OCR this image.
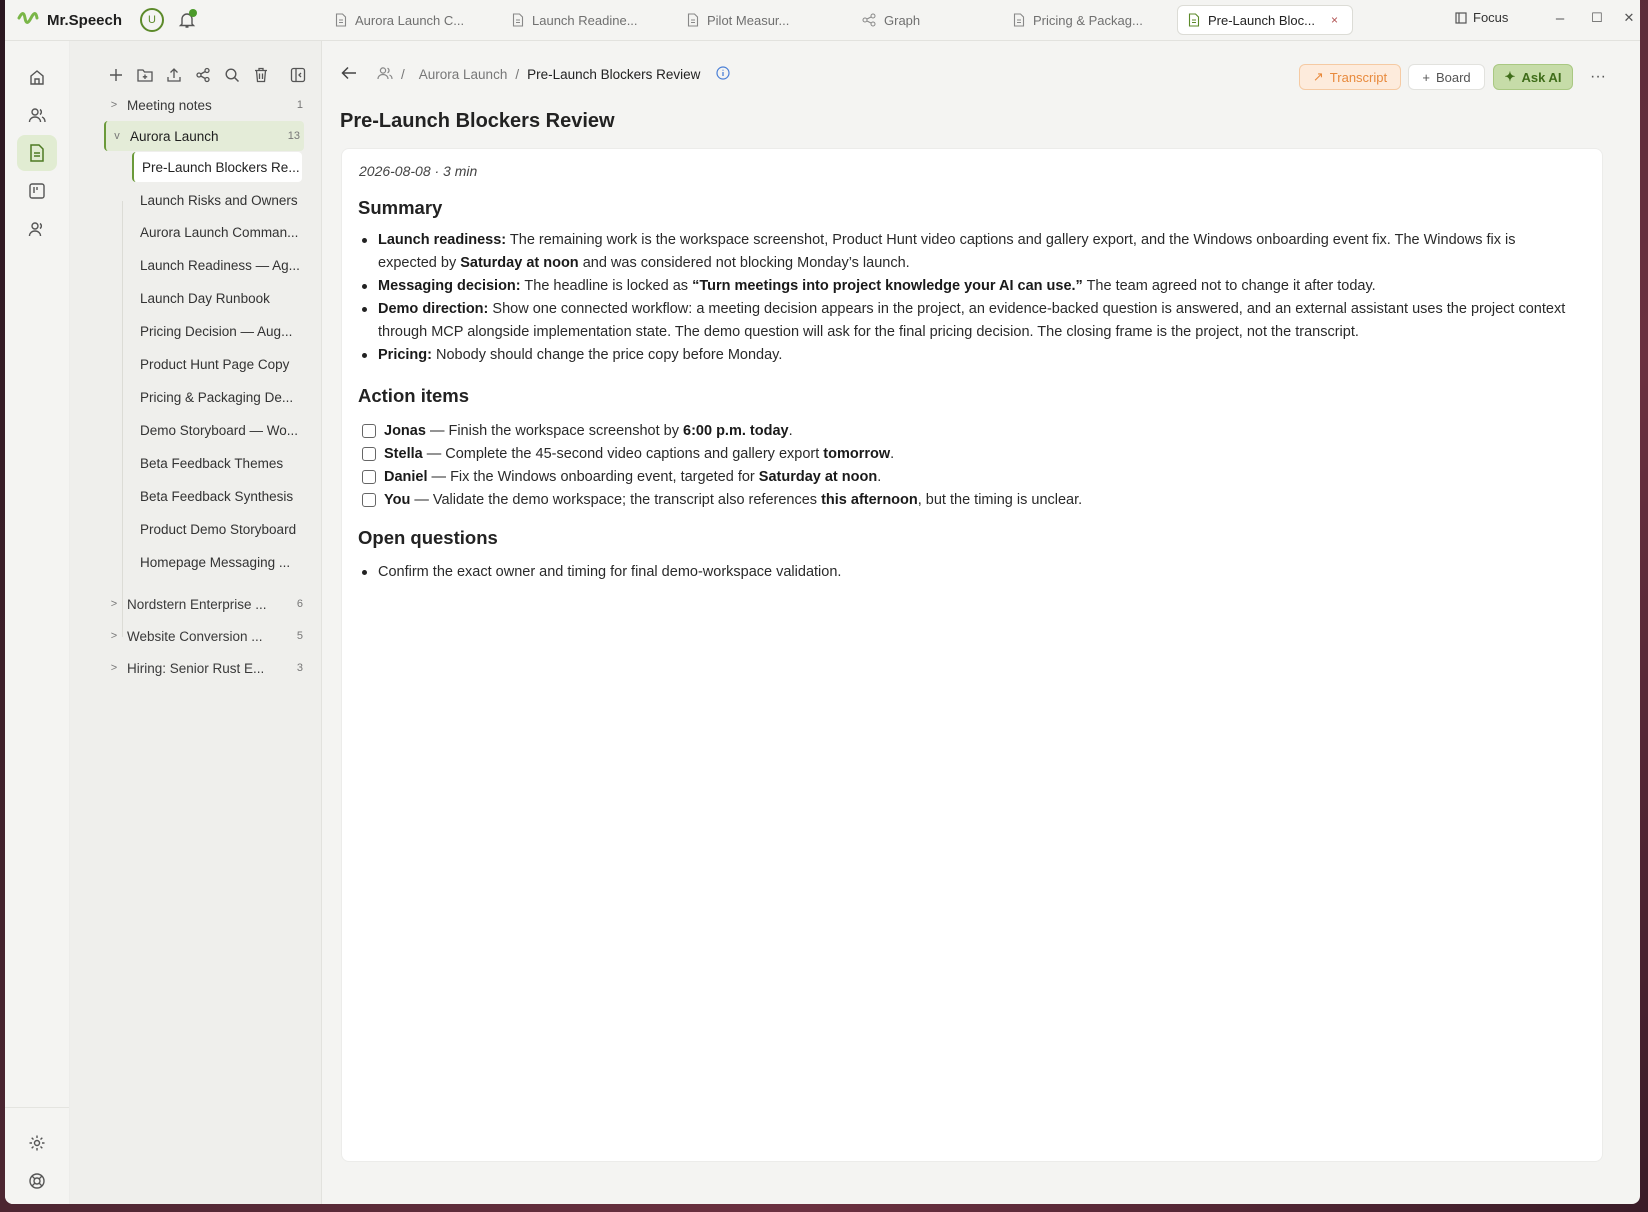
Mr.Speech	U	Aurora Launch C...	Launch Readine...	Pilot Measur...	Graph	Pricing & Packag...	Pre-Launch Bloc... ×	Focus	–	☐	✕
> Meeting notes	1
v Aurora Launch	13
Pre-Launch Blockers Re...
Launch Risks and Owners
Aurora Launch Comman...
Launch Readiness — Ag...
Launch Day Runbook
Pricing Decision — Aug...
Product Hunt Page Copy
Pricing & Packaging De...
Demo Storyboard — Wo...
Beta Feedback Themes
Beta Feedback Synthesis
Product Demo Storyboard
Homepage Messaging ...
> Nordstern Enterprise ...	6
> Website Conversion ...	5
> Hiring: Senior Rust E...	3
/ Aurora Launch / Pre-Launch Blockers Review	↗ Transcript	+ Board	✦ Ask AI	···
Pre-Launch Blockers Review
2026-08-08 · 3 min
Summary
Launch readiness: The remaining work is the workspace screenshot, Product Hunt video captions and gallery export, and the Windows onboarding event fix. The Windows fix is expected by Saturday at noon and was considered not blocking Monday’s launch.
Messaging decision: The headline is locked as “Turn meetings into project knowledge your AI can use.” The team agreed not to change it after today.
Demo direction: Show one connected workflow: a meeting decision appears in the project, an evidence-backed question is answered, and an external assistant uses the project context through MCP alongside implementation state. The demo question will ask for the final pricing decision. The closing frame is the project, not the transcript.
Pricing: Nobody should change the price copy before Monday.
Action items
Jonas — Finish the workspace screenshot by 6:00 p.m. today.
Stella — Complete the 45-second video captions and gallery export tomorrow.
Daniel — Fix the Windows onboarding event, targeted for Saturday at noon.
You — Validate the demo workspace; the transcript also references this afternoon, but the timing is unclear.
Open questions
Confirm the exact owner and timing for final demo-workspace validation.
